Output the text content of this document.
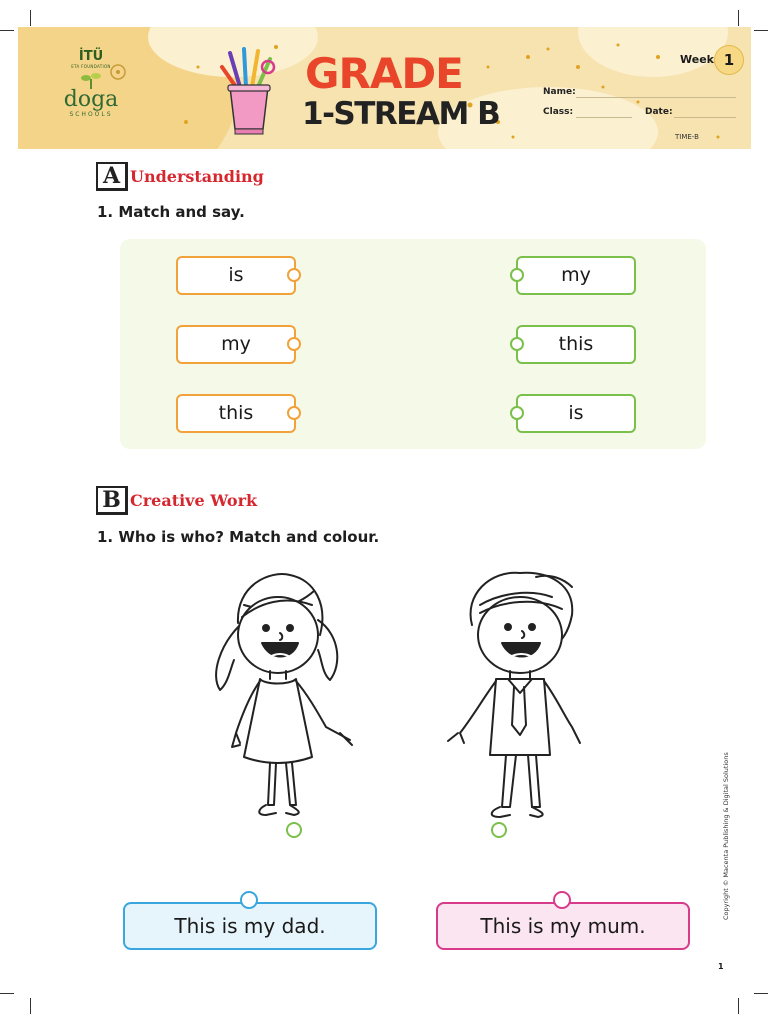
İTÜ
ETA FOUNDATION
doga
SCHOOLS
GRADE
1-STREAM B
Week 1
Name:
Class:	Date:
TIME-B
A Understanding
1. Match and say.
is
my
this
my
this
is
B Creative Work
1. Who is who? Match and colour.
This is my dad.	This is my mum.
Copyright © Macenta Publishing & Digital Solutions
1
